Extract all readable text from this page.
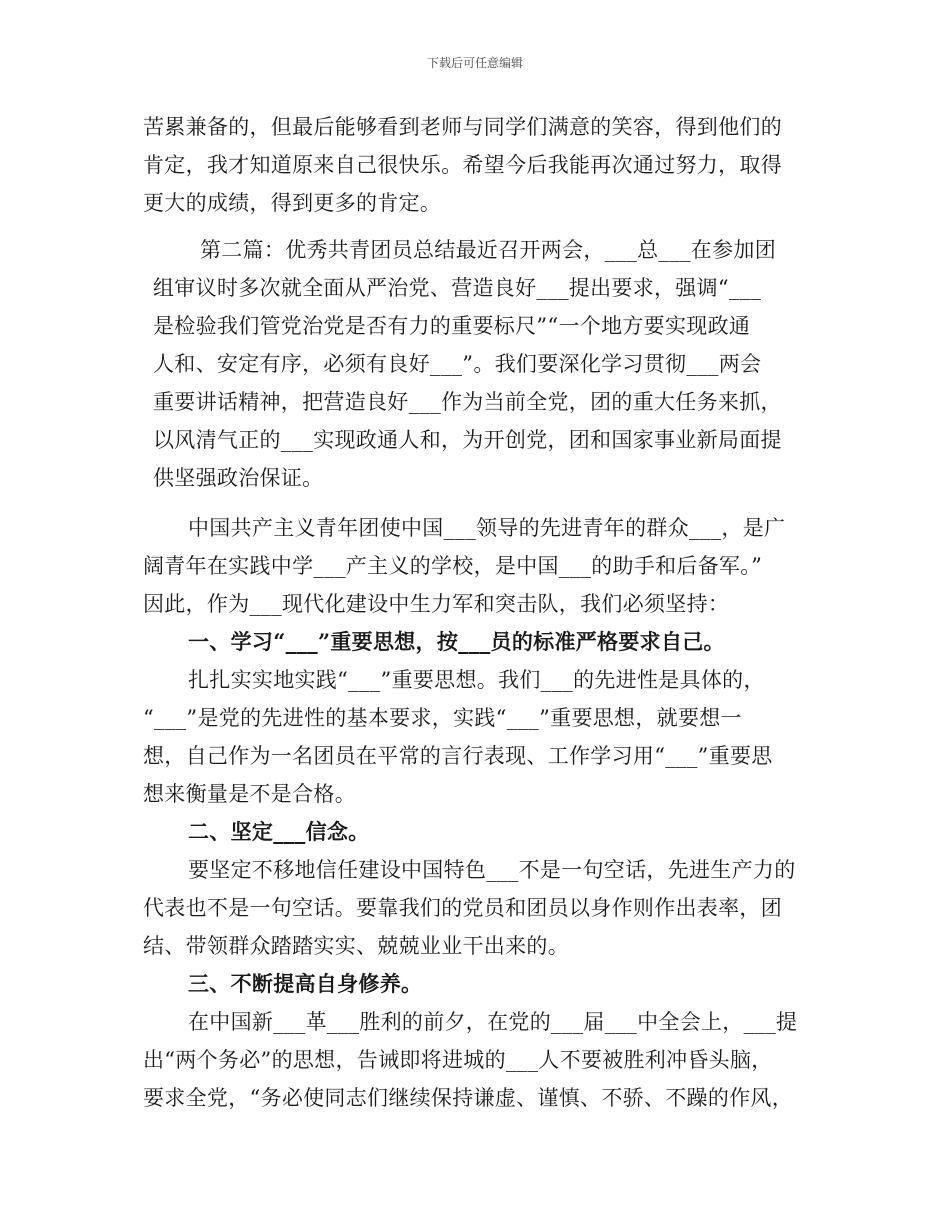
下载后可任意编辑
苦累兼备的，但最后能够看到老师与同学们满意的笑容，得到他们的
肯定，我才知道原来自己很快乐。希望今后我能再次通过努力，取得
更大的成绩，得到更多的肯定。
第二篇：优秀共青团员总结最近召开两会，___总___在参加团
组审议时多次就全面从严治党、营造良好___提出要求，强调“___
是检验我们管党治党是否有力的重要标尺”“一个地方要实现政通
人和、安定有序，必须有良好___”。我们要深化学习贯彻___两会
重要讲话精神，把营造良好___作为当前全党，团的重大任务来抓，
以风清气正的___实现政通人和，为开创党，团和国家事业新局面提
供坚强政治保证。
中国共产主义青年团使中国___领导的先进青年的群众___，是广
阔青年在实践中学___产主义的学校，是中国___的助手和后备军。”
因此，作为___现代化建设中生力军和突击队，我们必须坚持：
一、学习“___”重要思想，按___员的标准严格要求自己。
扎扎实实地实践“___”重要思想。我们___的先进性是具体的，
“___”是党的先进性的基本要求，实践“___”重要思想，就要想一
想，自己作为一名团员在平常的言行表现、工作学习用“___”重要思
想来衡量是不是合格。
二、坚定___信念。
要坚定不移地信任建设中国特色___不是一句空话，先进生产力的
代表也不是一句空话。要靠我们的党员和团员以身作则作出表率，团
结、带领群众踏踏实实、兢兢业业干出来的。
三、不断提高自身修养。
在中国新___革___胜利的前夕，在党的___届___中全会上，___提
出“两个务必”的思想，告诫即将进城的___人不要被胜利冲昏头脑，
要求全党，“务必使同志们继续保持谦虚、谨慎、不骄、不躁的作风，
